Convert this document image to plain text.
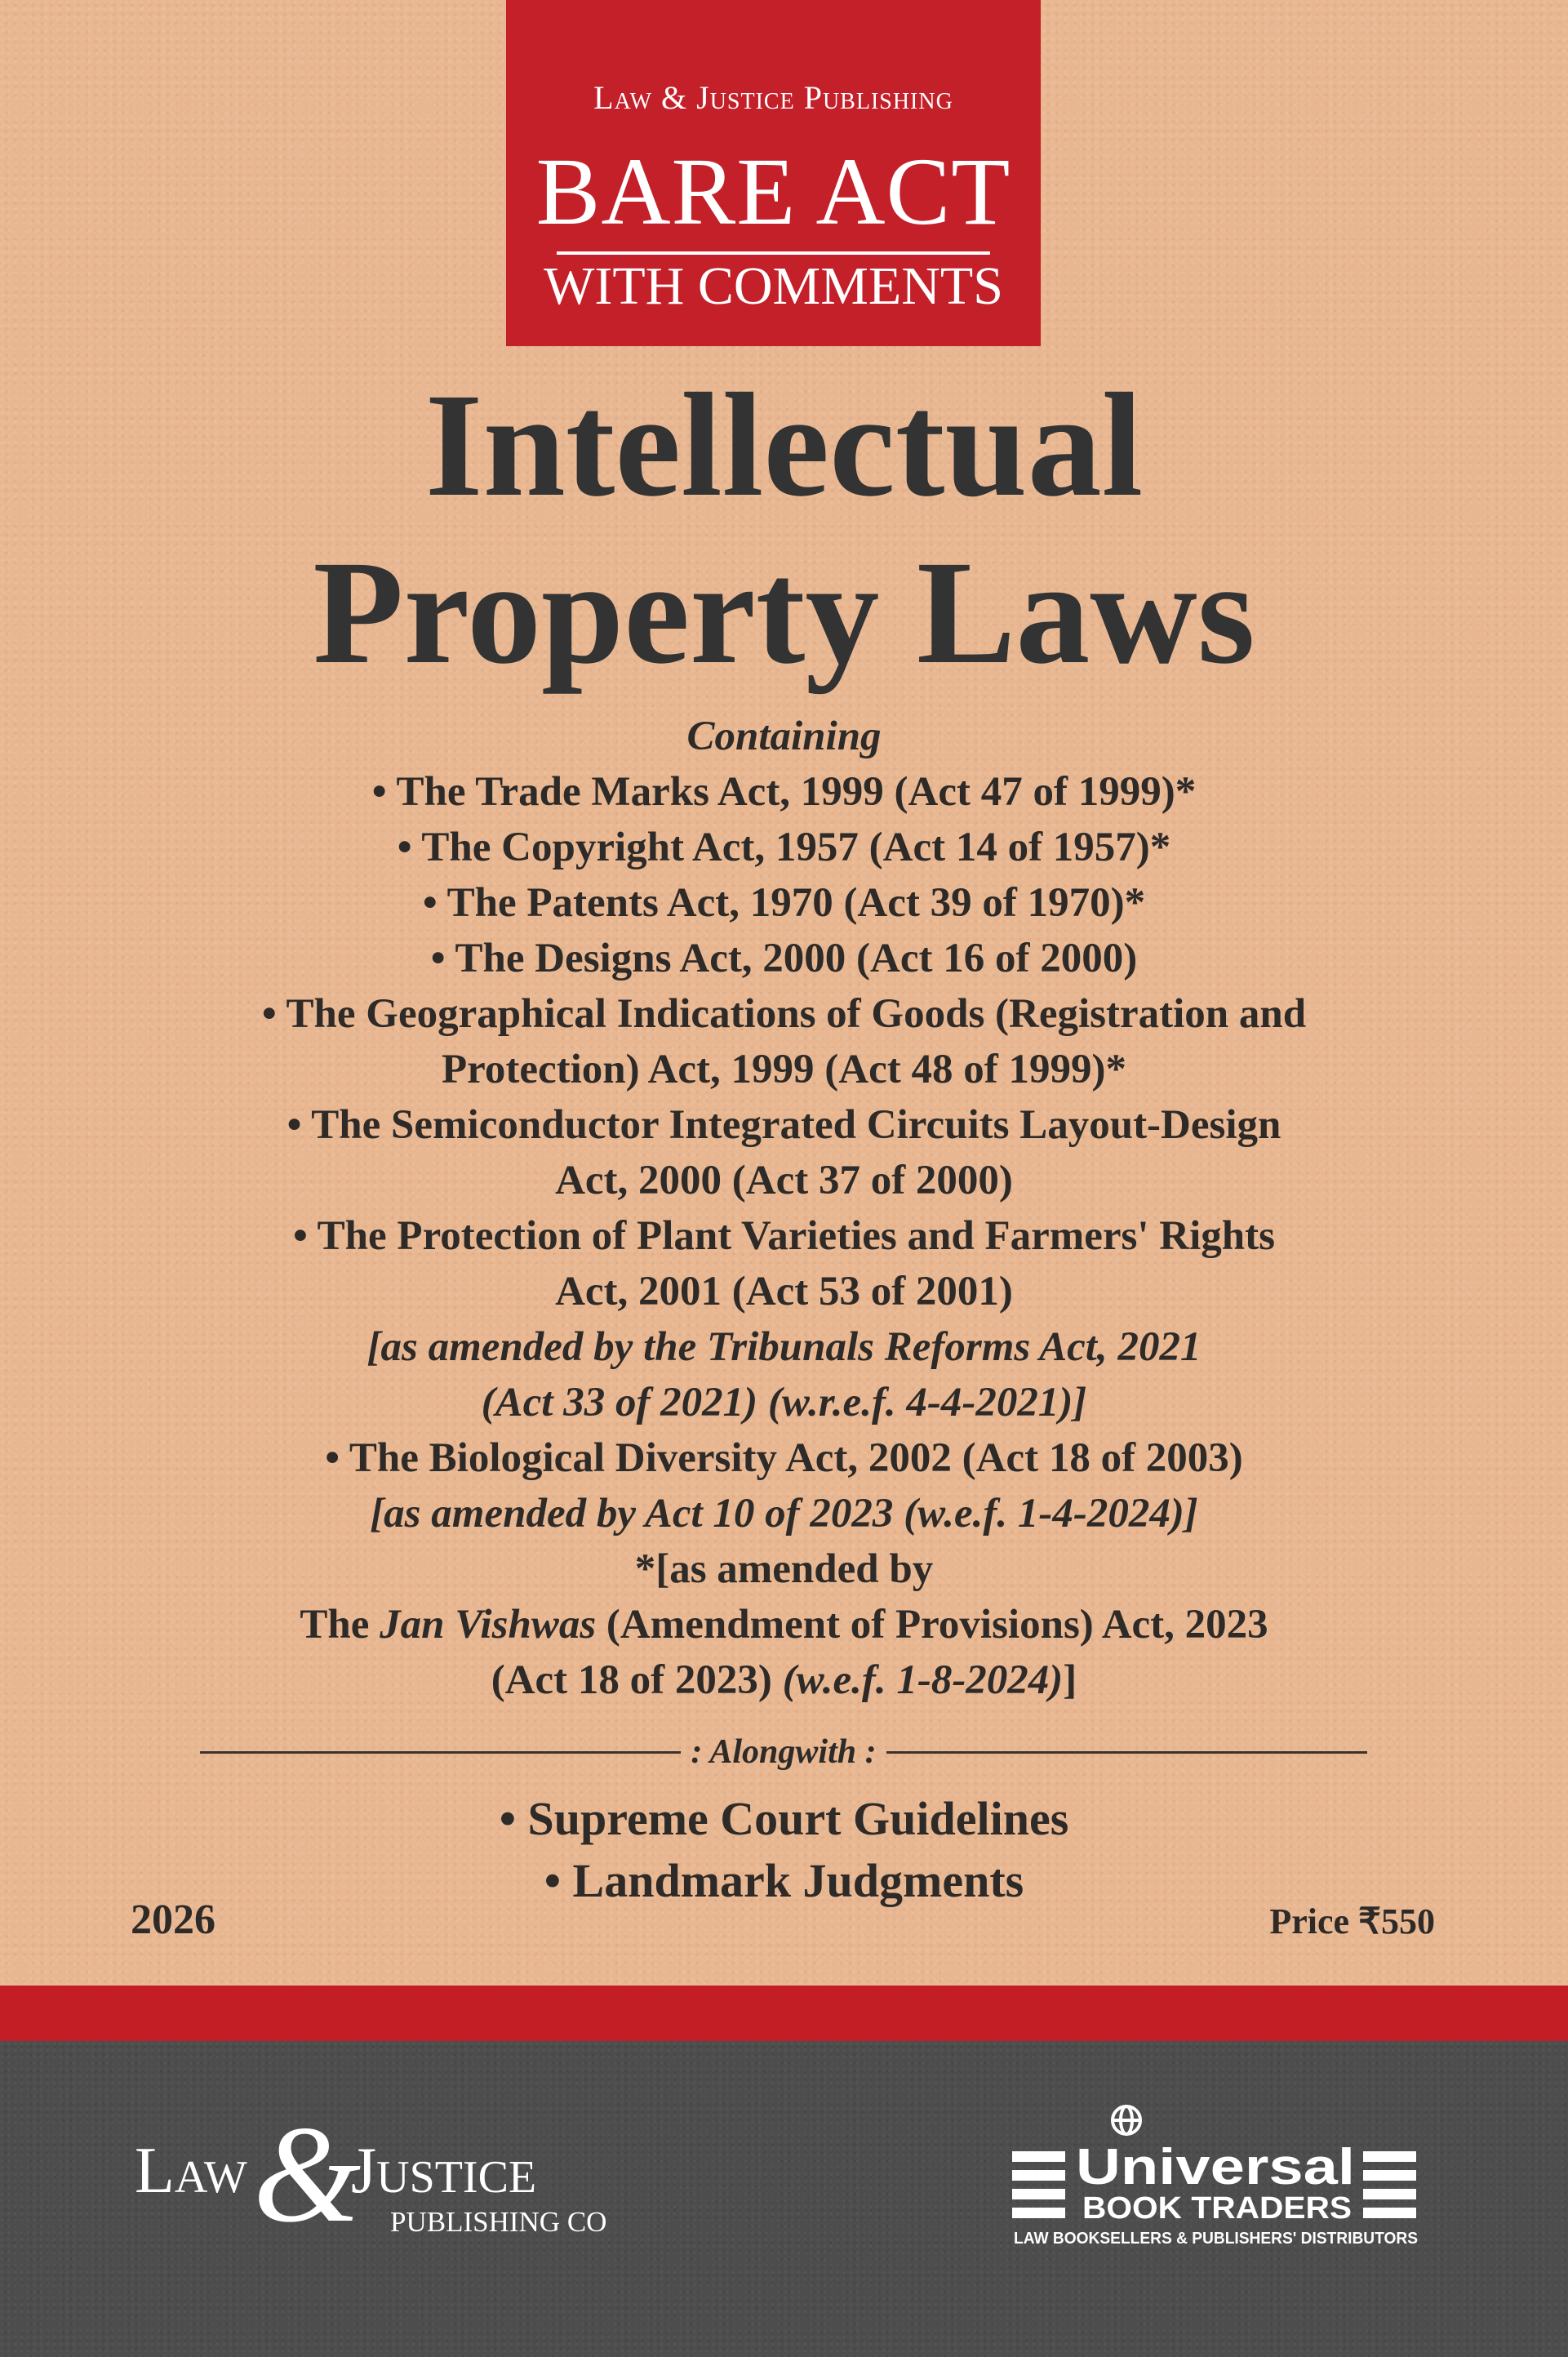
Law & Justice Publishing
BARE ACT
WITH COMMENTS
Intellectual
Property Laws
Containing
• The Trade Marks Act, 1999 (Act 47 of 1999)*
• The Copyright Act, 1957 (Act 14 of 1957)*
• The Patents Act, 1970 (Act 39 of 1970)*
• The Designs Act, 2000 (Act 16 of 2000)
• The Geographical Indications of Goods (Registration and
Protection) Act, 1999 (Act 48 of 1999)*
• The Semiconductor Integrated Circuits Layout-Design
Act, 2000 (Act 37 of 2000)
• The Protection of Plant Varieties and Farmers' Rights
Act, 2001 (Act 53 of 2001)
[as amended by the Tribunals Reforms Act, 2021
(Act 33 of 2021) (w.r.e.f. 4-4-2021)]
• The Biological Diversity Act, 2002 (Act 18 of 2003)
[as amended by Act 10 of 2023 (w.e.f. 1-4-2024)]
*[as amended by
The Jan Vishwas (Amendment of Provisions) Act, 2023
(Act 18 of 2023) (w.e.f. 1-8-2024)]
: Alongwith :
• Supreme Court Guidelines
• Landmark Judgments
2026	Price ₹550
Law &
Justice
PUBLISHING CO
Universal
BOOK TRADERS
LAW BOOKSELLERS & PUBLISHERS' DISTRIBUTORS
